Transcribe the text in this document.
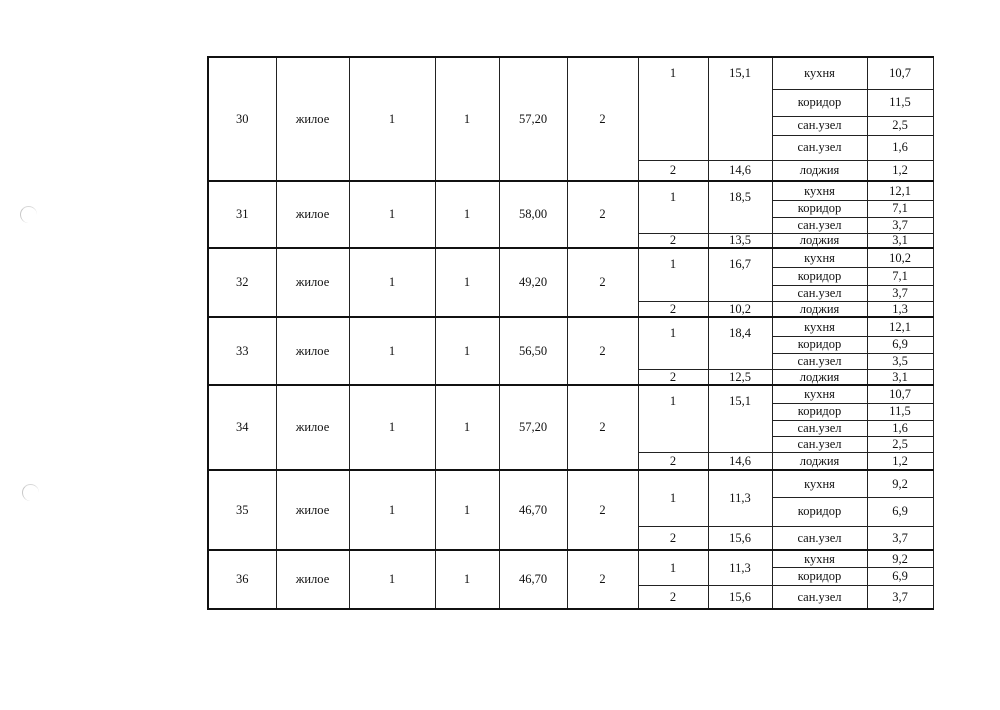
30	жилое	1	1	57,20	2	1	15,1	кухня	10,7
								коридор	11,5
								сан.узел	2,5
								сан.узел	1,6
						2	14,6	лоджия	1,2
31	жилое	1	1	58,00	2	1	18,5	кухня	12,1
								коридор	7,1
								сан.узел	3,7
						2	13,5	лоджия	3,1
32	жилое	1	1	49,20	2	1	16,7	кухня	10,2
								коридор	7,1
								сан.узел	3,7
						2	10,2	лоджия	1,3
33	жилое	1	1	56,50	2	1	18,4	кухня	12,1
								коридор	6,9
								сан.узел	3,5
						2	12,5	лоджия	3,1
34	жилое	1	1	57,20	2	1	15,1	кухня	10,7
								коридор	11,5
								сан.узел	1,6
								сан.узел	2,5
						2	14,6	лоджия	1,2
35	жилое	1	1	46,70	2	1	11,3	кухня	9,2
								коридор	6,9
						2	15,6	сан.узел	3,7
36	жилое	1	1	46,70	2	1	11,3	кухня	9,2
								коридор	6,9
						2	15,6	сан.узел	3,7
